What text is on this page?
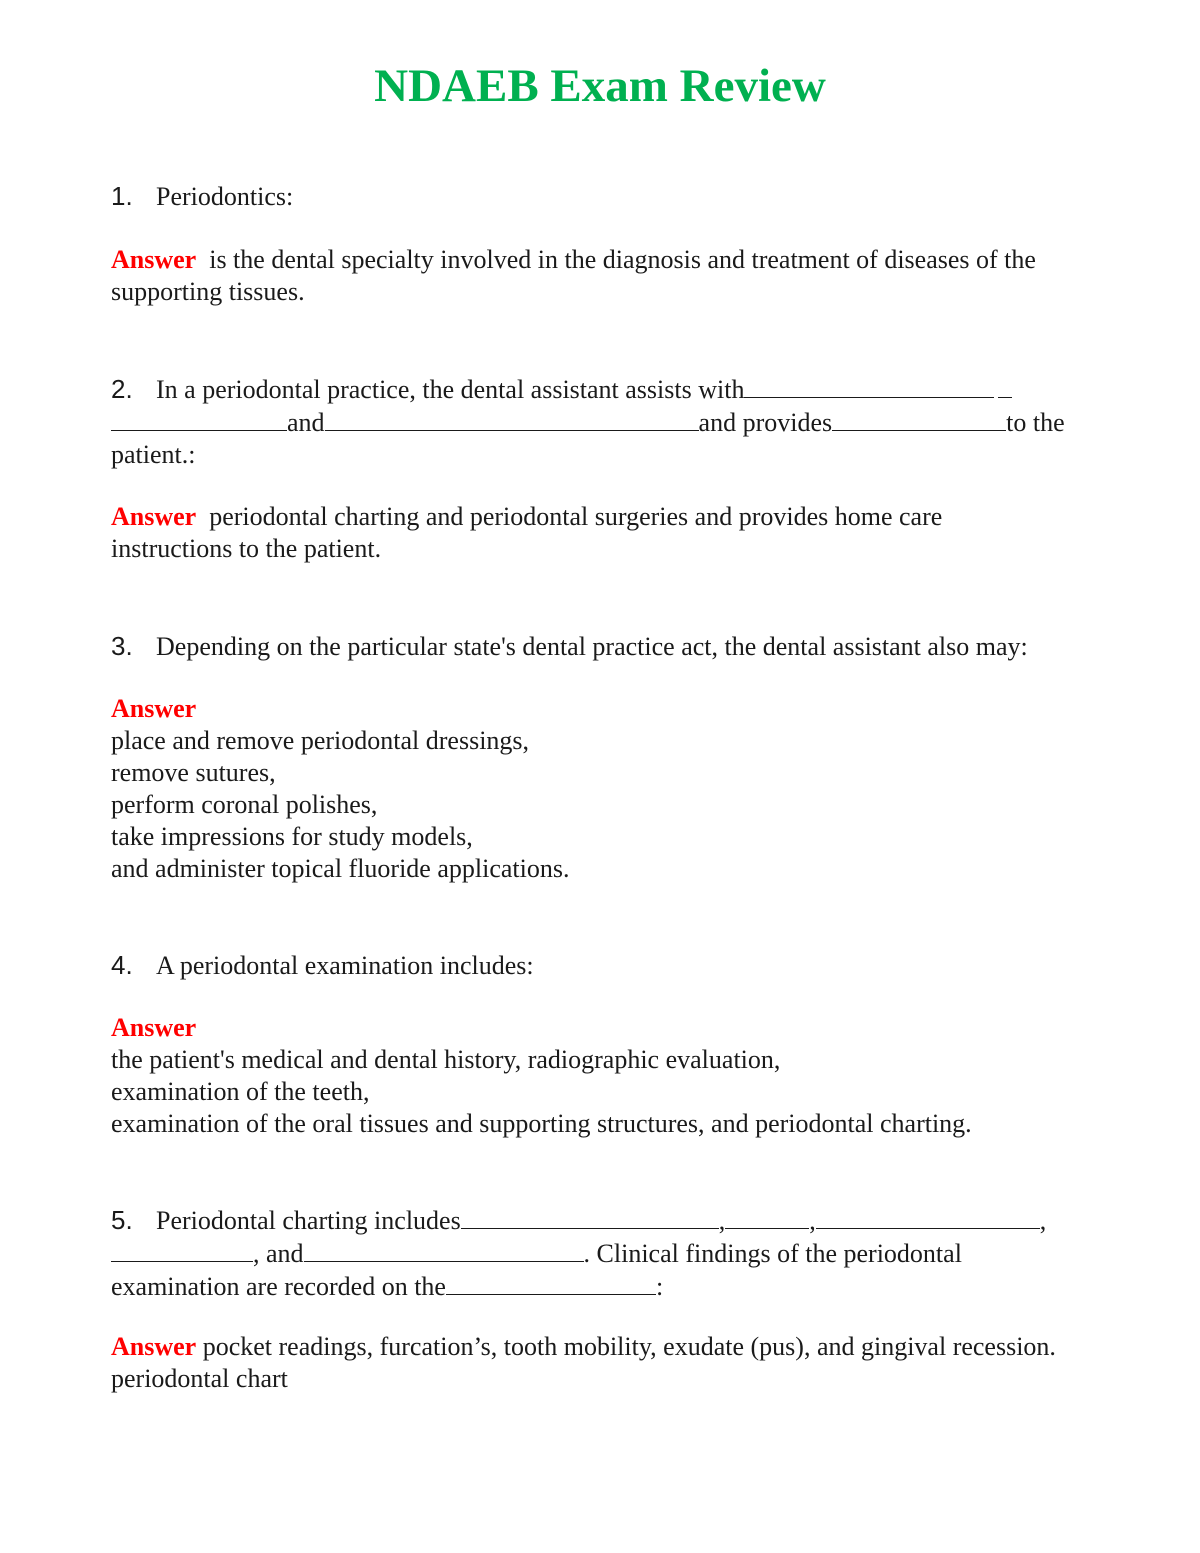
NDAEB Exam Review
1. Periodontics:
Answer is the dental specialty involved in the diagnosis and treatment of diseases of the
supporting tissues.
2. In a periodontal practice, the dental assistant assists with
and	and provides	to the
patient.:
Answer periodontal charting and periodontal surgeries and provides home care
instructions to the patient.
3. Depending on the particular state's dental practice act, the dental assistant also may:
Answer
place and remove periodontal dressings,
remove sutures,
perform coronal polishes,
take impressions for study models,
and administer topical fluoride applications.
4. A periodontal examination includes:
Answer
the patient's medical and dental history, radiographic evaluation,
examination of the teeth,
examination of the oral tissues and supporting structures, and periodontal charting.
5. Periodontal charting includes	,	,	,
, and	. Clinical findings of the periodontal
examination are recorded on the	:
Answer pocket readings, furcation’s, tooth mobility, exudate (pus), and gingival recession.
periodontal chart
